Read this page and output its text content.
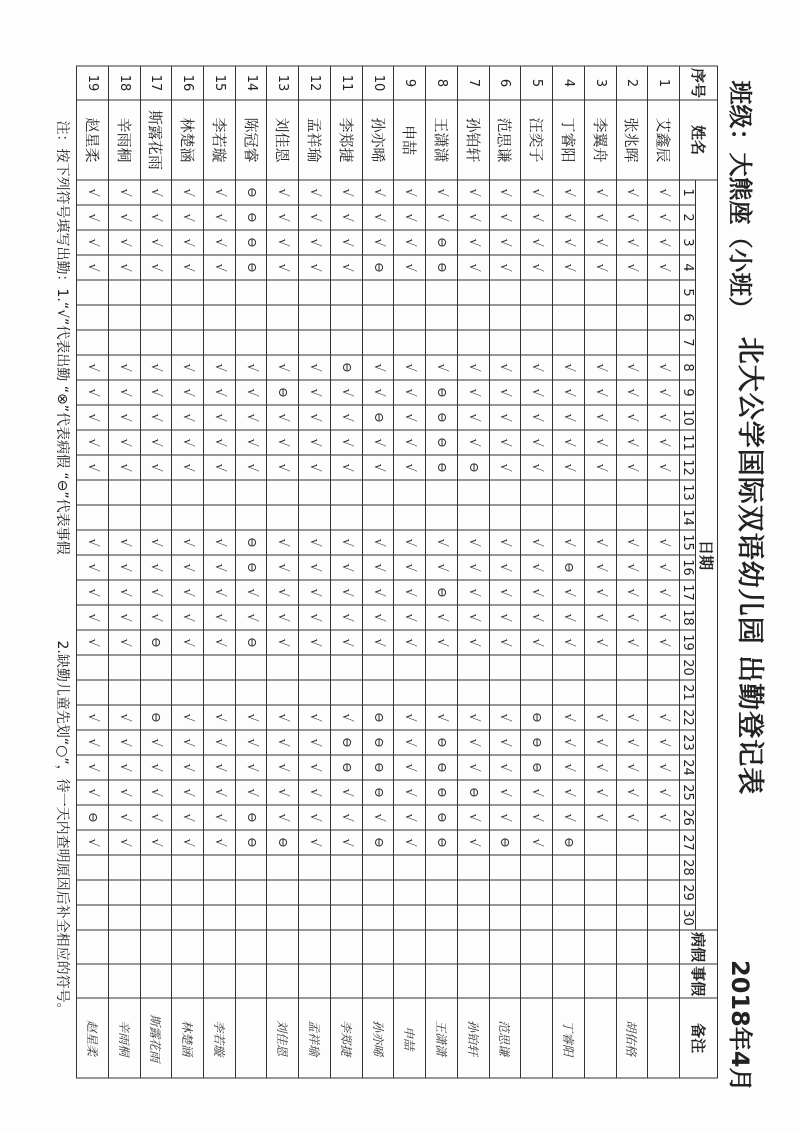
班级：大熊座（小班）
北大公学国际双语幼儿园 出勤登记表
2018年4月
序号	姓名	日期																														病假	事假	备注
		1	2	3	4	5	6	7	8	9	10	11	12	13	14	15	16	17	18	19	20	21	22	23	24	25	26	27	28	29	30			
1	艾鑫辰	√	√	√	√				√	√	√	√	√			√	√	√	√	√			√	√	√	√	√							
2	张兆晖	√	√	√	√				√	√	√	√	√			√	√	√	√	√			√	√	√	√	√							胡佑格
3	李翼舟	√	√	√	√				√	√	√	√	√			√	√	√	√	√			√	√	√	√	√							
4	丁睿阳	√	√	√	√				√	√	√	√	√			√	⊖	√	√	√			√	√	√	√	√	⊖						丁睿阳
5	汪奕子	√	√	√	√				√	√	√	√	√			√	√	√	√	√			⊖	⊖	⊖	√	√	√						
6	范思谦	√	√	√	√				√	√	√	√	√			√	√	√	√	√			√	√	√	√	√	⊖						范思谦
7	孙铂轩	√	√	√	√				√	√	√	√	⊖			√	√	√	√	√			√	√	√	⊖	√	√						孙铂轩
8	王潇潇	√	√	⊖	⊖				√	⊖	⊖	⊖	⊖			√	√	⊖	√	√			√	⊖	⊖	⊖	⊖	⊖						王潇潇
9	申喆	√	√	√	√				√	√	√	√	√			√	√	√	√	√			√	√	√	√	√	√						申喆
10	孙亦晞	√	√	√	⊖				√	√	⊖	√	√			√	√	√	√	√			⊖	⊖	⊖	⊖	√	⊖						孙亦晞
11	李郑捷	√	√	√	√				⊖	√	√	√	√			√	√	√	√	√			√	⊖	⊖	√	√	√						李郑捷
12	孟祥瑜	√	√	√	√				√	√	√	√	√			√	√	√	√	√			√	√	√	√	√	√						孟祥瑜
13	刘佳恩	√	√	√	√				√	⊖	√	√	√			√	√	√	√	√			√	√	√	√	√	⊖						刘佳恩
14	陈冠睿	⊖	⊖	⊖	⊖				√	√	√	√	√			⊖	⊖	√	√	⊖			√	√	√	√	⊖	⊖						
15	李若璇	√	√	√	√				√	√	√	√	√			√	√	√	√	√			√	√	√	√	√	√						李若璇
16	林楚涵	√	√	√	√				√	√	√	√	√			√	√	√	√	√			√	√	√	√	√	√						林楚涵
17	斯露花雨	√	√	√	√				√	√	√	√	√			√	√	√	√	⊖			⊖	√	√	√	√	√						斯露花雨
18	辛雨桐	√	√	√	√				√	√	√	√	√			√	√	√	√	√			√	√	√	√	√	√						辛雨桐
19	赵星柔	√	√	√	√				√	√	√	√	√			√	√	√	√	√			√	√	√	√	⊖	√						赵星柔
注：按下列符号填写出勤：1.“√”代表出勤 “⊗”代表病假 “⊖”代表事假
2.缺勤儿童先划“○”，待一天内查明原因后补全相应的符号。
